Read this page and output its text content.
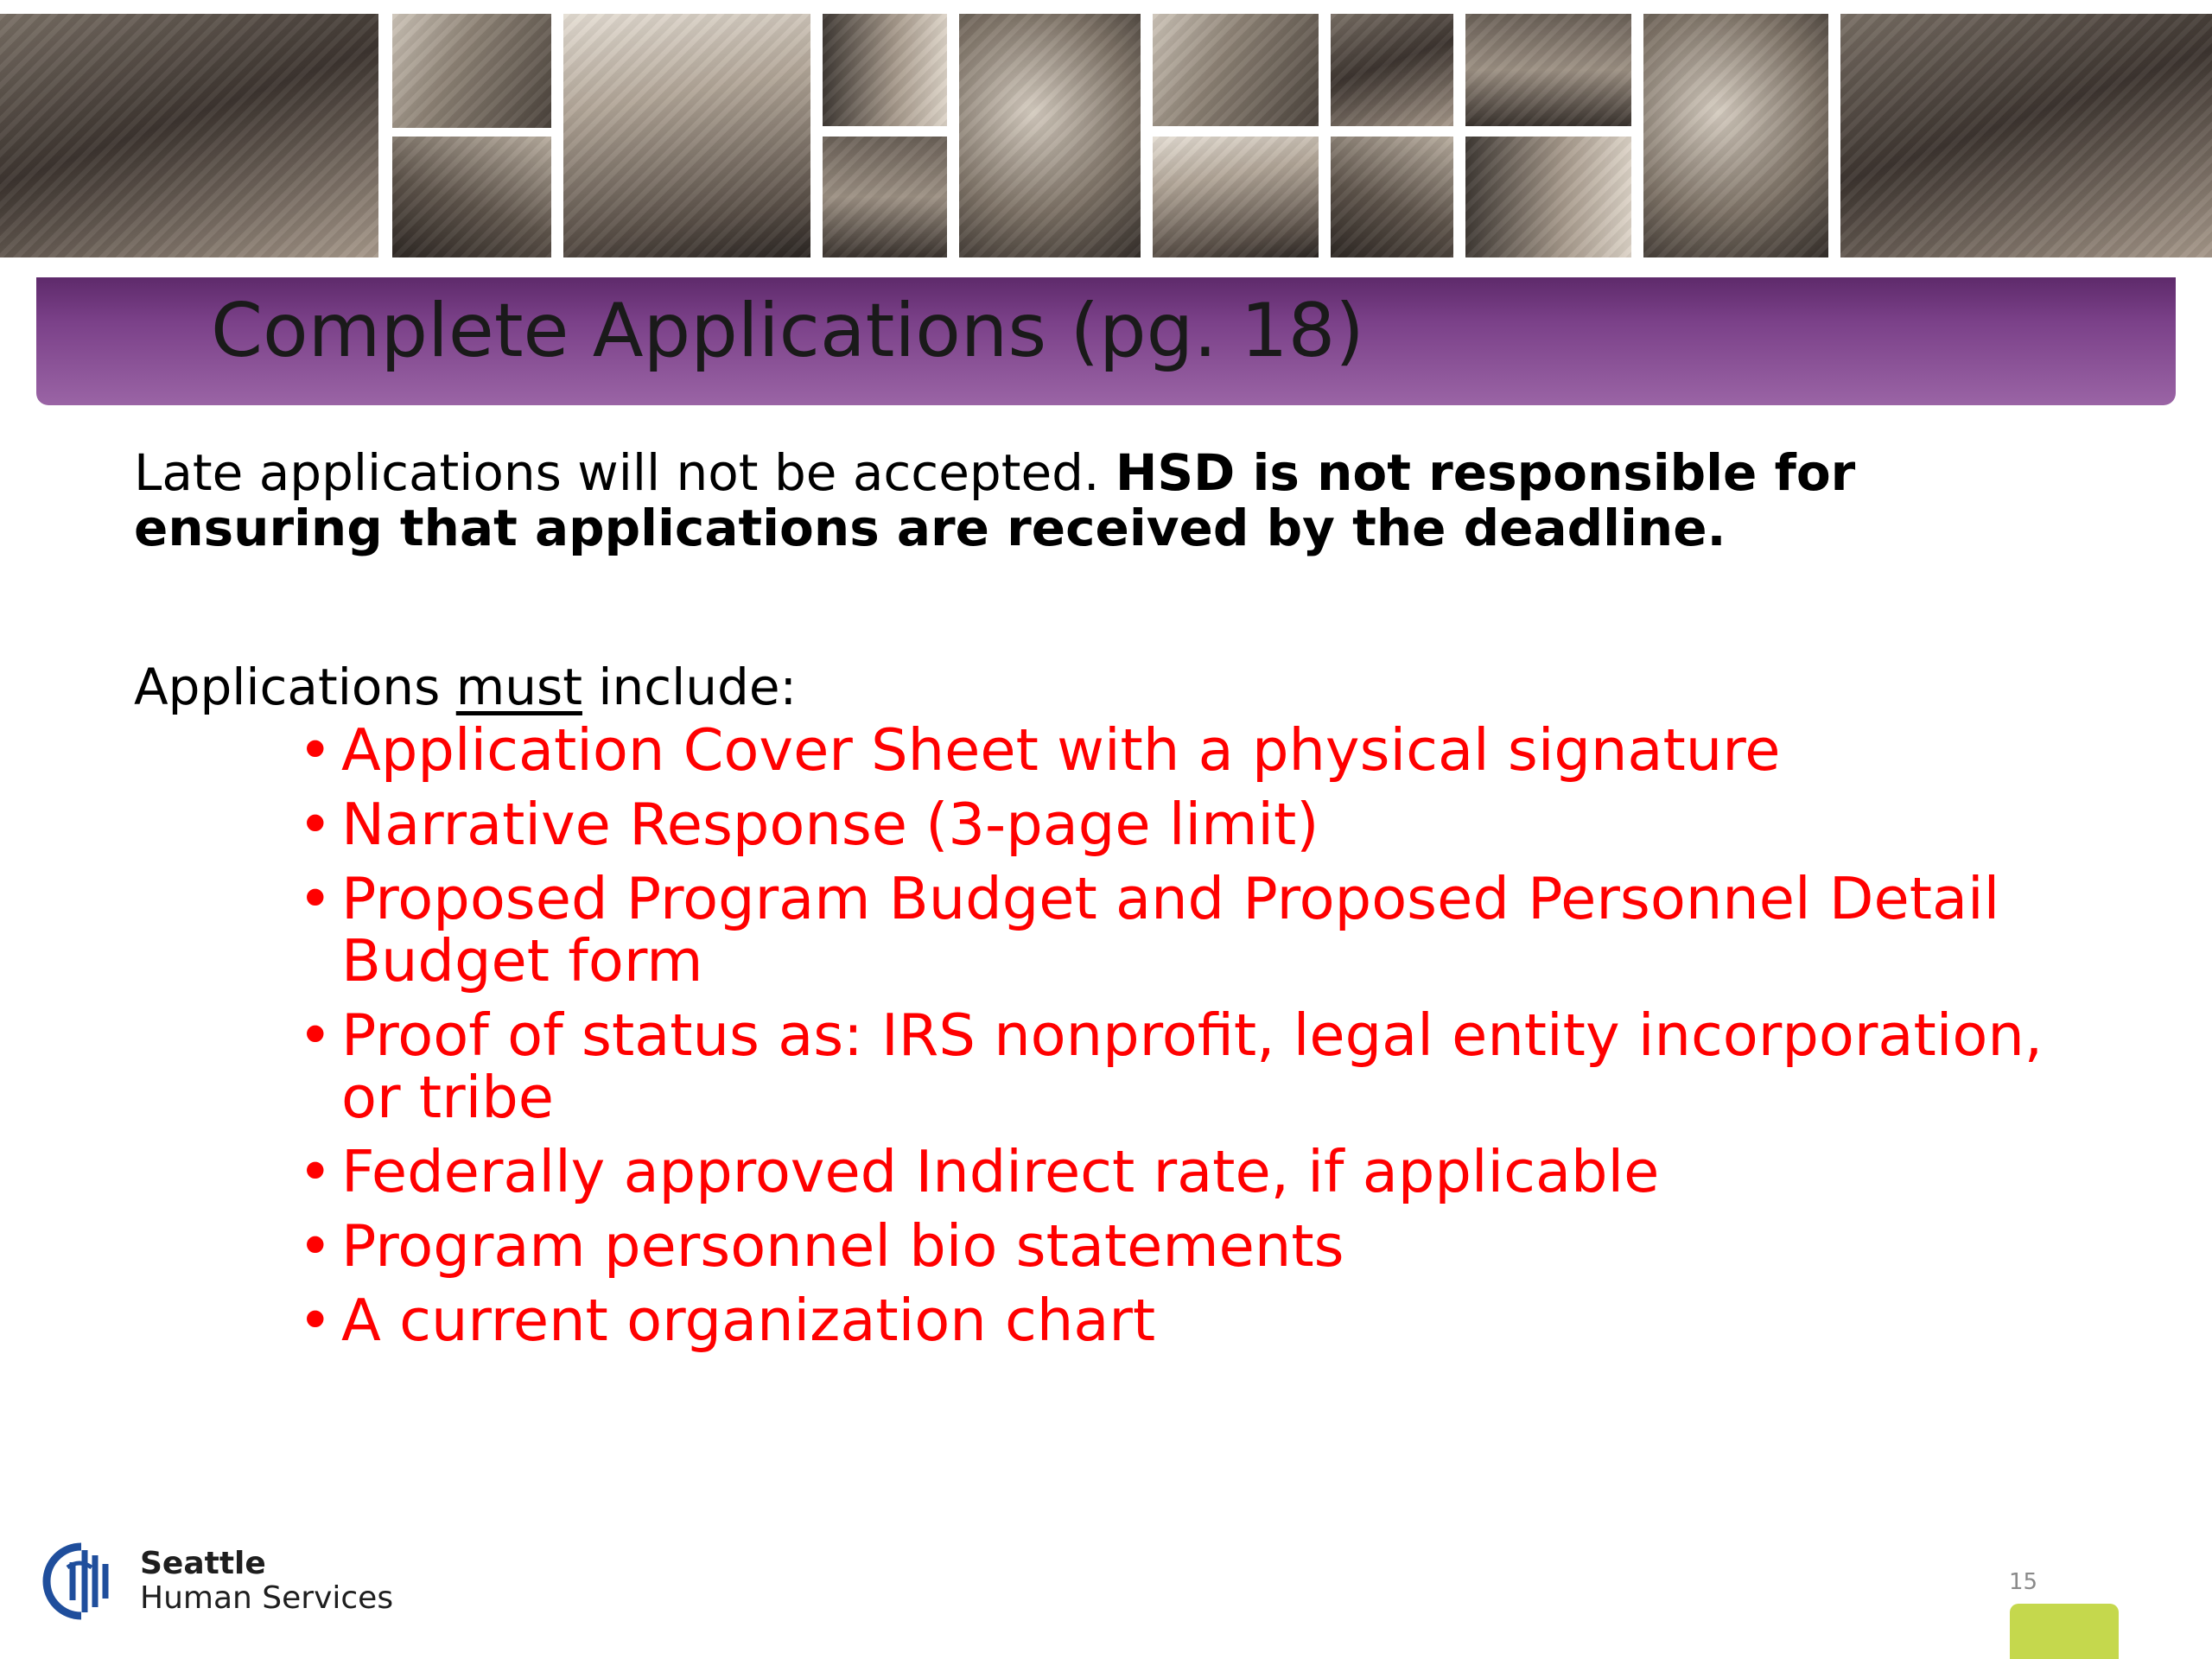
Complete Applications (pg. 18)
Late applications will not be accepted. HSD is not responsible for ensuring that applications are received by the deadline.
Applications must include:
• Application Cover Sheet with a physical signature
• Narrative Response (3-page limit)
• Proposed Program Budget and Proposed Personnel Detail Budget form
• Proof of status as: IRS nonprofit, legal entity incorporation, or tribe
• Federally approved Indirect rate, if applicable
• Program personnel bio statements
• A current organization chart
Seattle
Human Services	15
